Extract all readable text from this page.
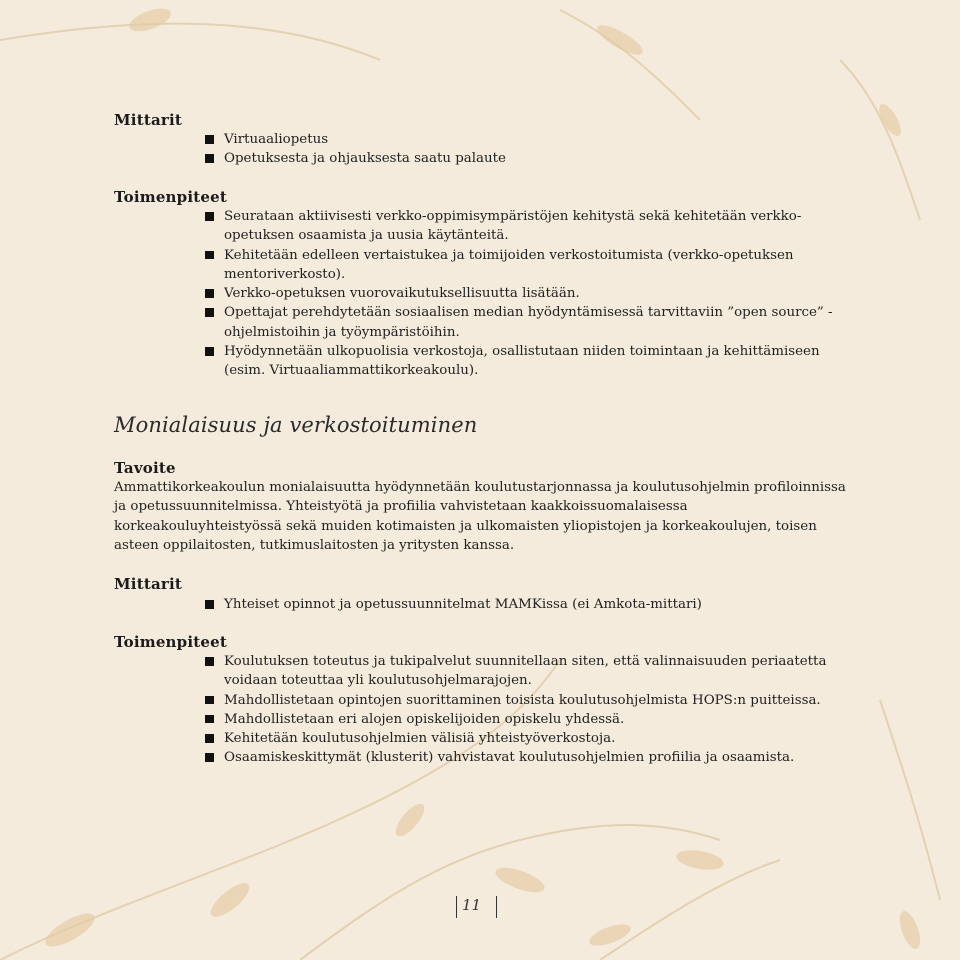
Mittarit
Virtuaaliopetus
Opetuksesta ja ohjauksesta saatu palaute
Toimenpiteet
Seurataan aktiivisesti verkko-oppimisympäristöjen kehitystä sekä kehitetään verkko-opetuksen osaamista ja uusia käytänteitä.
Kehitetään edelleen vertaistukea ja toimijoiden verkostoitumista (verkko-opetuksen mentoriverkosto).
Verkko-opetuksen vuorovaikutuksellisuutta lisätään.
Opettajat perehdytetään sosiaalisen median hyödyntämisessä tarvittaviin ”open source” -ohjelmistoihin ja työympäristöihin.
Hyödynnetään ulkopuolisia verkostoja, osallistutaan niiden toimintaan ja kehittämiseen (esim. Virtuaaliammattikorkeakoulu).
Monialaisuus ja verkostoituminen
Tavoite

Ammattikorkeakoulun monialaisuutta hyödynnetään koulutustarjonnassa ja koulutusohjelmin profiloinnissa ja opetussuunnitelmissa. Yhteistyötä ja profiilia vahvistetaan kaakkoissuomalaisessa korkeakouluyhteistyössä sekä muiden kotimaisten ja ulkomaisten yliopistojen ja korkeakoulujen, toisen asteen oppilaitosten, tutkimuslaitosten ja yritysten kanssa.

Mittarit
Yhteiset opinnot ja opetussuunnitelmat MAMKissa (ei Amkota-mittari)
Toimenpiteet
Koulutuksen toteutus ja tukipalvelut suunnitellaan siten, että valinnaisuuden periaatetta voidaan toteuttaa yli koulutusohjelmarajojen.
Mahdollistetaan opintojen suorittaminen toisista koulutusohjelmista HOPS:n puitteissa.
Mahdollistetaan eri alojen opiskelijoiden opiskelu yhdessä.
Kehitetään koulutusohjelmien välisiä yhteistyöverkostoja.
Osaamiskeskittymät (klusterit) vahvistavat koulutusohjelmien profiilia ja osaamista.
11
